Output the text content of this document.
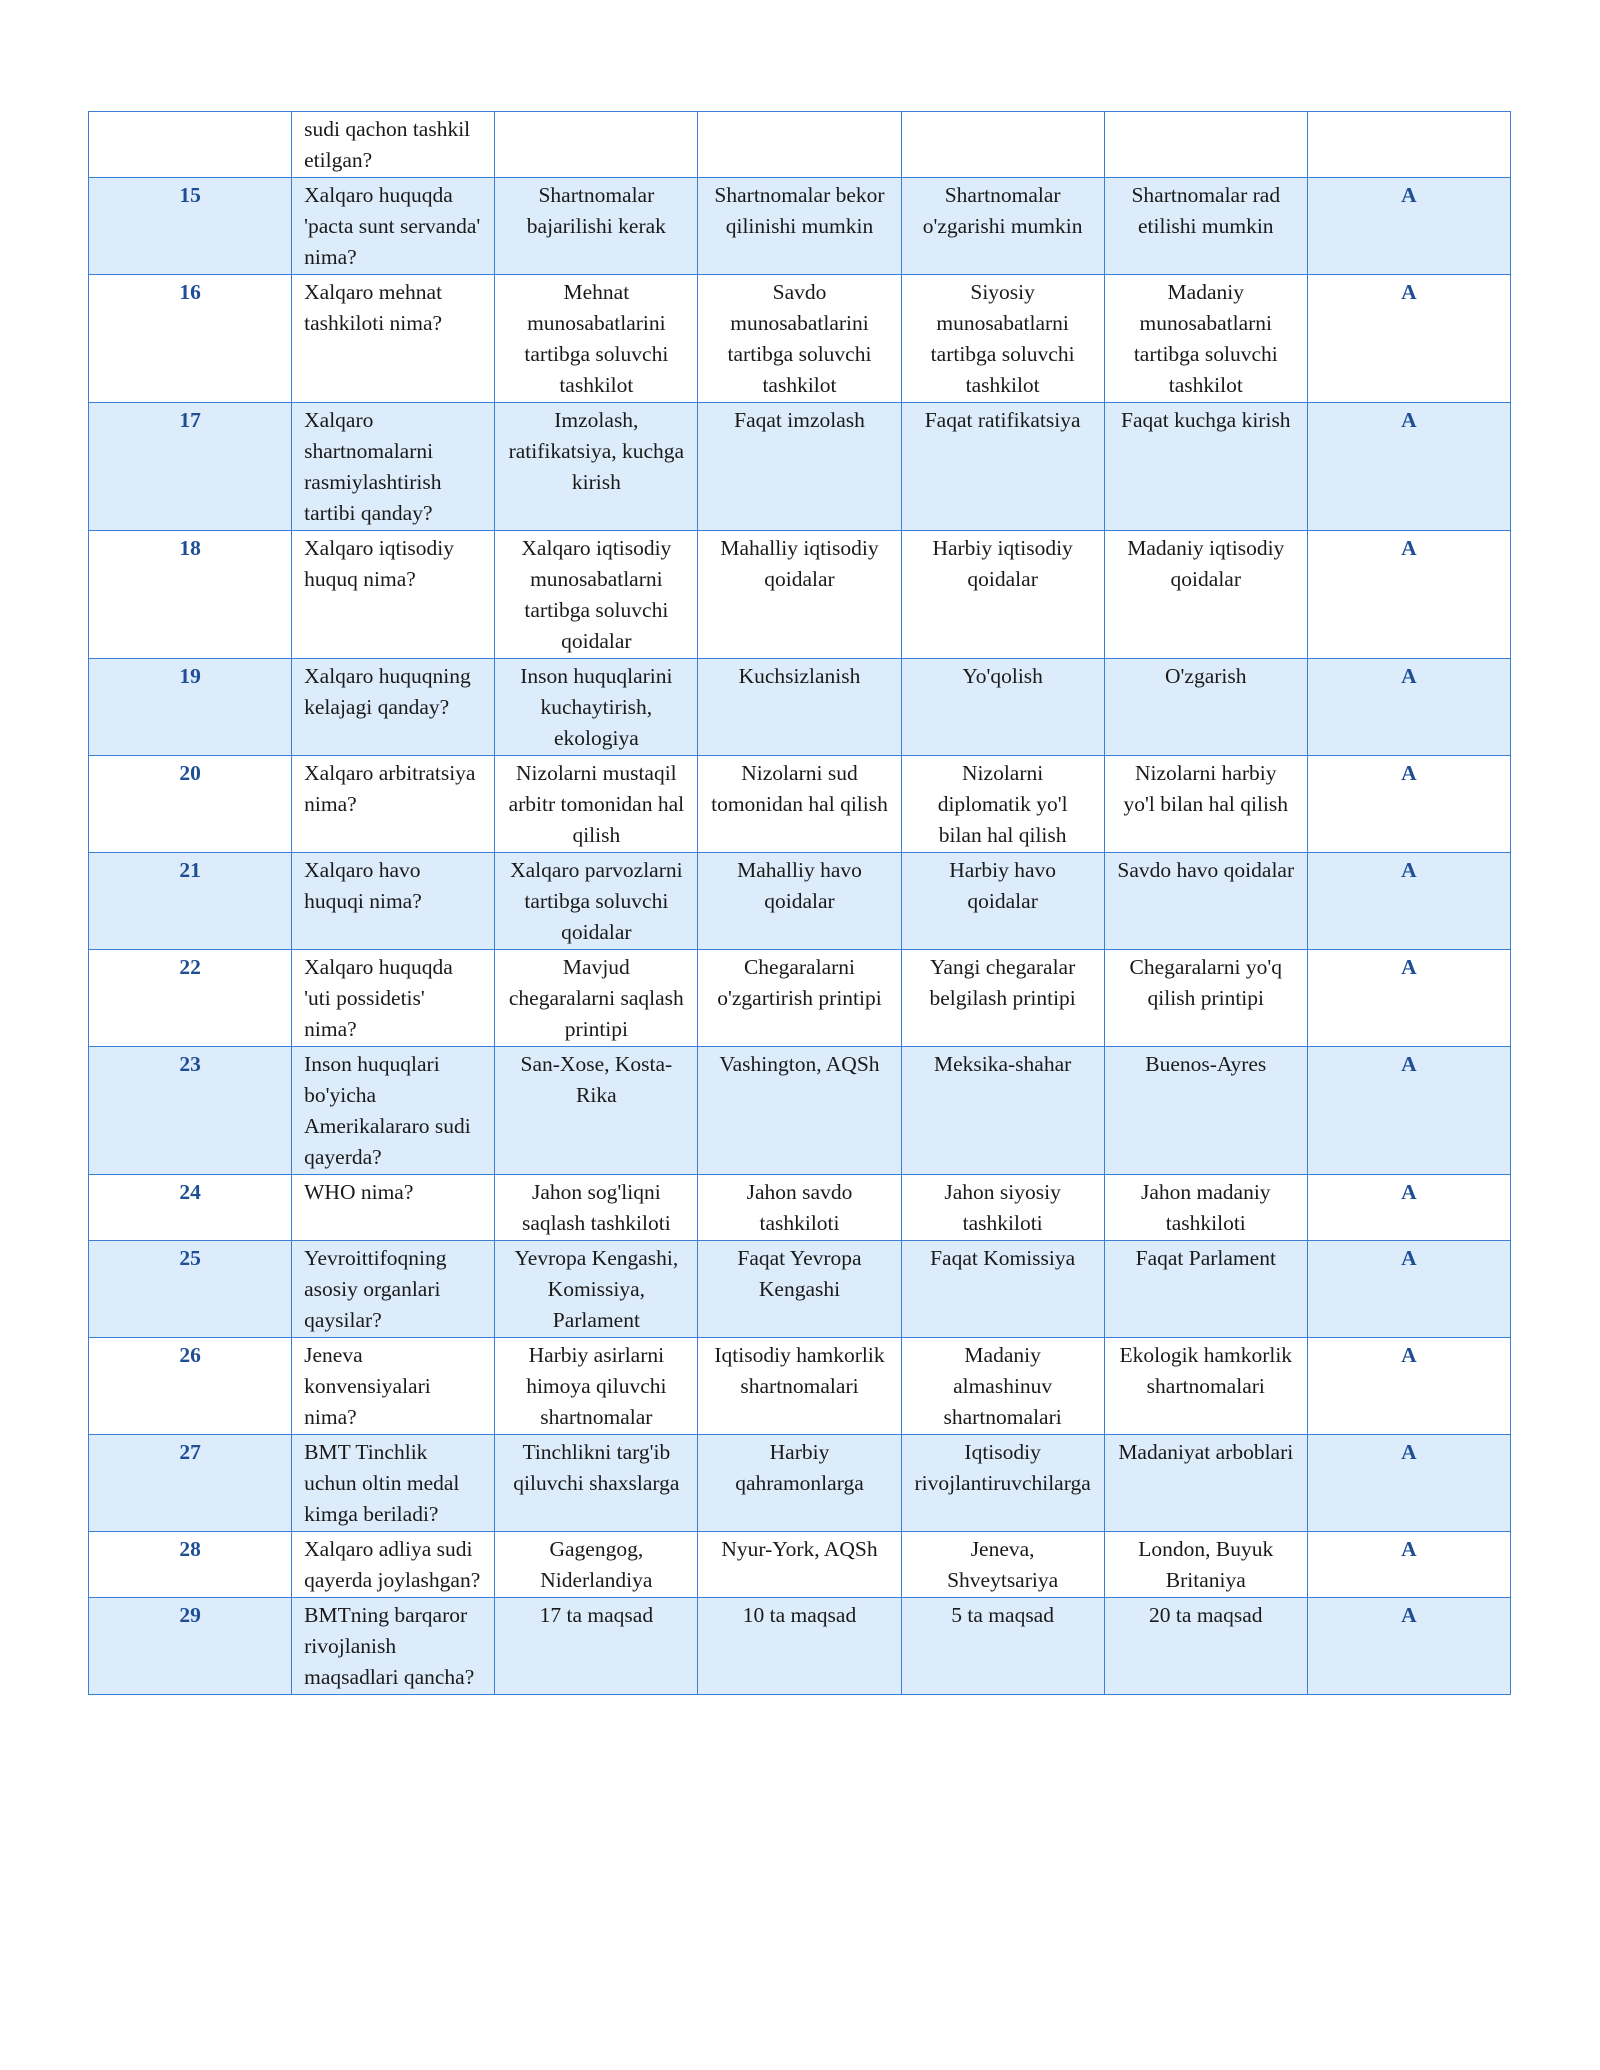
	sudi qachon tashkil etilgan?					
15	Xalqaro huquqda 'pacta sunt servanda' nima?	Shartnomalar bajarilishi kerak	Shartnomalar bekor qilinishi mumkin	Shartnomalar o'zgarishi mumkin	Shartnomalar rad etilishi mumkin	A
16	Xalqaro mehnat tashkiloti nima?	Mehnat munosabatlarini tartibga soluvchi tashkilot	Savdo munosabatlarini tartibga soluvchi tashkilot	Siyosiy munosabatlarni tartibga soluvchi tashkilot	Madaniy munosabatlarni tartibga soluvchi tashkilot	A
17	Xalqaro shartnomalarni rasmiylashtirish tartibi qanday?	Imzolash, ratifikatsiya, kuchga kirish	Faqat imzolash	Faqat ratifikatsiya	Faqat kuchga kirish	A
18	Xalqaro iqtisodiy huquq nima?	Xalqaro iqtisodiy munosabatlarni tartibga soluvchi qoidalar	Mahalliy iqtisodiy qoidalar	Harbiy iqtisodiy qoidalar	Madaniy iqtisodiy qoidalar	A
19	Xalqaro huquqning kelajagi qanday?	Inson huquqlarini kuchaytirish, ekologiya	Kuchsizlanish	Yo'qolish	O'zgarish	A
20	Xalqaro arbitratsiya nima?	Nizolarni mustaqil arbitr tomonidan hal qilish	Nizolarni sud tomonidan hal qilish	Nizolarni diplomatik yo'l bilan hal qilish	Nizolarni harbiy yo'l bilan hal qilish	A
21	Xalqaro havo huquqi nima?	Xalqaro parvozlarni tartibga soluvchi qoidalar	Mahalliy havo qoidalar	Harbiy havo qoidalar	Savdo havo qoidalar	A
22	Xalqaro huquqda 'uti possidetis' nima?	Mavjud chegaralarni saqlash printipi	Chegaralarni o'zgartirish printipi	Yangi chegaralar belgilash printipi	Chegaralarni yo'q qilish printipi	A
23	Inson huquqlari bo'yicha Amerikalararo sudi qayerda?	San-Xose, Kosta-Rika	Vashington, AQSh	Meksika-shahar	Buenos-Ayres	A
24	WHO nima?	Jahon sog'liqni saqlash tashkiloti	Jahon savdo tashkiloti	Jahon siyosiy tashkiloti	Jahon madaniy tashkiloti	A
25	Yevroittifoqning asosiy organlari qaysilar?	Yevropa Kengashi, Komissiya, Parlament	Faqat Yevropa Kengashi	Faqat Komissiya	Faqat Parlament	A
26	Jeneva konvensiyalari nima?	Harbiy asirlarni himoya qiluvchi shartnomalar	Iqtisodiy hamkorlik shartnomalari	Madaniy almashinuv shartnomalari	Ekologik hamkorlik shartnomalari	A
27	BMT Tinchlik uchun oltin medal kimga beriladi?	Tinchlikni targ'ib qiluvchi shaxslarga	Harbiy qahramonlarga	Iqtisodiy rivojlantiruvchilarga	Madaniyat arboblari	A
28	Xalqaro adliya sudi qayerda joylashgan?	Gagengog, Niderlandiya	Nyur-York, AQSh	Jeneva, Shveytsariya	London, Buyuk Britaniya	A
29	BMTning barqaror rivojlanish maqsadlari qancha?	17 ta maqsad	10 ta maqsad	5 ta maqsad	20 ta maqsad	A
